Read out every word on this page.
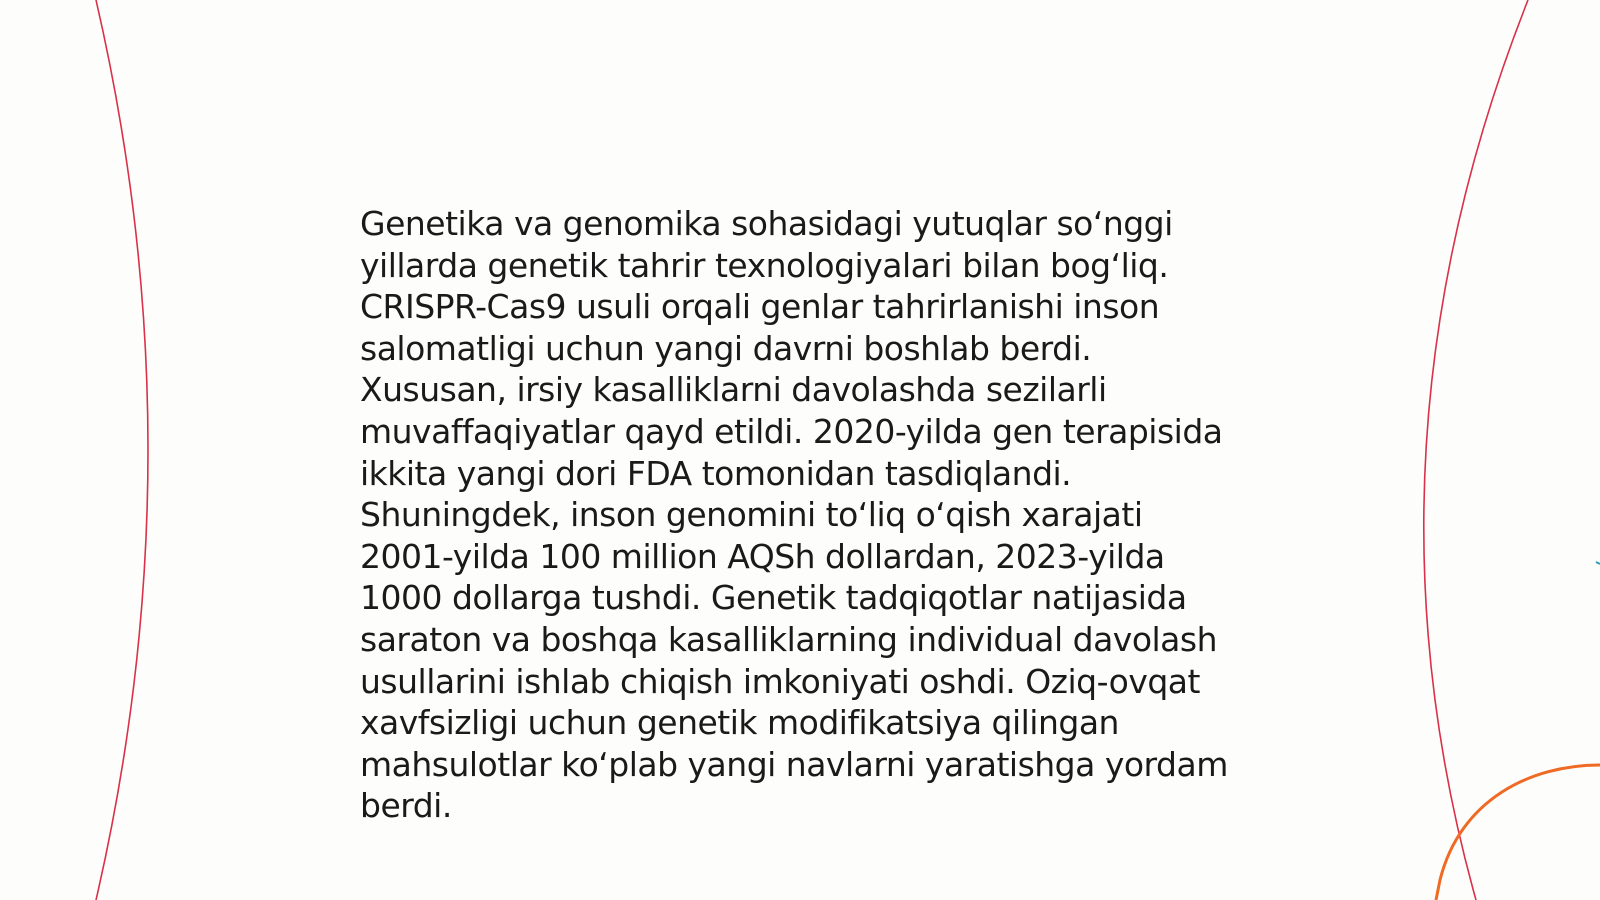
Genetika va genomika sohasidagi yutuqlar so‘nggi
yillarda genetik tahrir texnologiyalari bilan bog‘liq.
CRISPR-Cas9 usuli orqali genlar tahrirlanishi inson
salomatligi uchun yangi davrni boshlab berdi.
Xususan, irsiy kasalliklarni davolashda sezilarli
muvaffaqiyatlar qayd etildi. 2020-yilda gen terapisida
ikkita yangi dori FDA tomonidan tasdiqlandi.
Shuningdek, inson genomini to‘liq o‘qish xarajati
2001-yilda 100 million AQSh dollardan, 2023-yilda
1000 dollarga tushdi. Genetik tadqiqotlar natijasida
saraton va boshqa kasalliklarning individual davolash
usullarini ishlab chiqish imkoniyati oshdi. Oziq-ovqat
xavfsizligi uchun genetik modifikatsiya qilingan
mahsulotlar ko‘plab yangi navlarni yaratishga yordam
berdi.
